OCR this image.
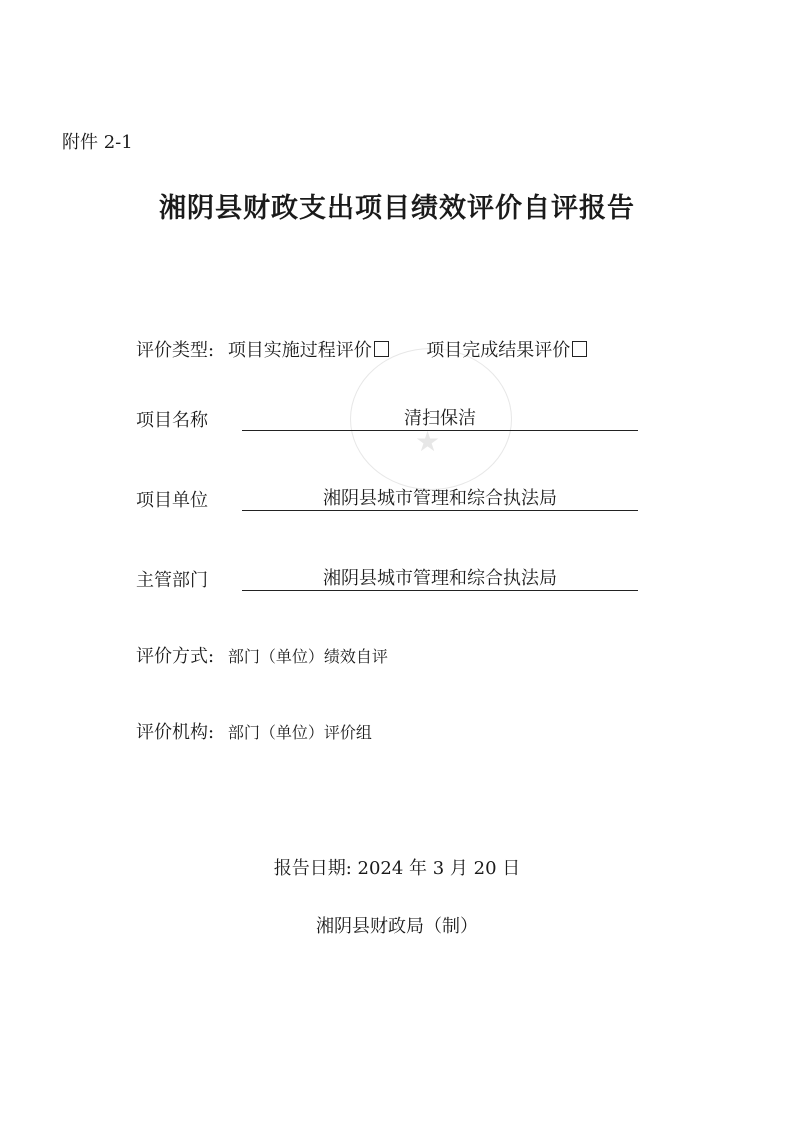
附件 2-1
湘阴县财政支出项目绩效评价自评报告
★
评价类型: 项目实施过程评价	项目完成结果评价
项目名称	清扫保洁
项目单位	湘阴县城市管理和综合执法局
主管部门	湘阴县城市管理和综合执法局
评价方式: 部门（单位）绩效自评
评价机构: 部门（单位）评价组
报告日期: 2024 年 3 月 20 日
湘阴县财政局（制）
